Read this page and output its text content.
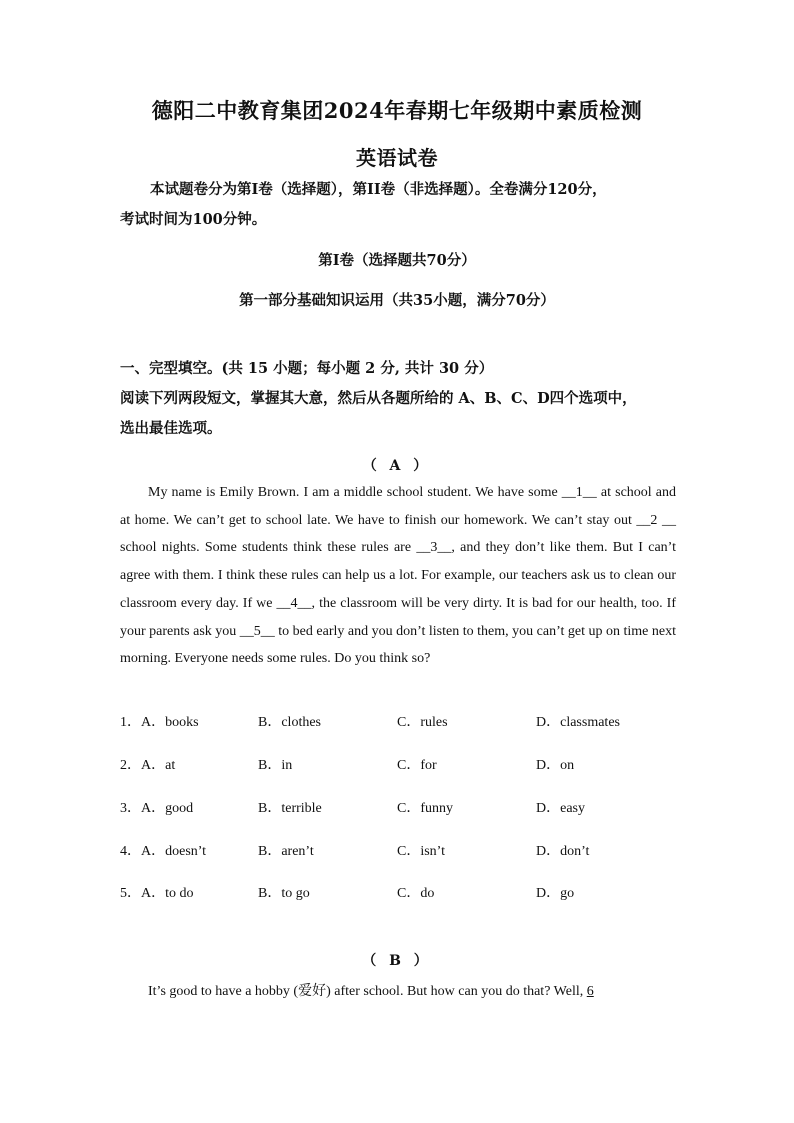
德阳二中教育集团2024年春期七年级期中素质检测
英语试卷
本试题卷分为第I卷（选择题），第II卷（非选择题）。全卷满分120分，
考试时间为100分钟。
第I卷（选择题共70分）
第一部分基础知识运用（共35小题，满分70分）
一、完型填空。(共 15 小题；每小题 2 分, 共计 30 分）
阅读下列两段短文，掌握其大意，然后从各题所给的 A、B、C、D四个选项中，
选出最佳选项。
（ A ）
My name is Emily Brown. I am a middle school student. We have some __1__ at school and at home. We can’t get to school late. We have to finish our homework. We can’t stay out __2 __ school nights. Some students think these rules are __3__, and they don’t like them. But I can’t agree with them. I think these rules can help us a lot. For example, our teachers ask us to clean our classroom every day. If we __4__, the classroom will be very dirty. It is bad for our health, too. If your parents ask you __5__ to bed early and you don’t listen to them, you can’t get up on time next morning. Everyone needs some rules. Do you think so?
1．A．books	B．clothes	C．rules	D．classmates
2．A．at	B．in	C．for	D．on
3．A．good	B．terrible	C．funny	D．easy
4．A．doesn’t	B．aren’t	C．isn’t	D．don’t
5．A．to do	B．to go	C．do	D．go
（ B ）
It’s good to have a hobby (爱好) after school. But how can you do that? Well, 6
